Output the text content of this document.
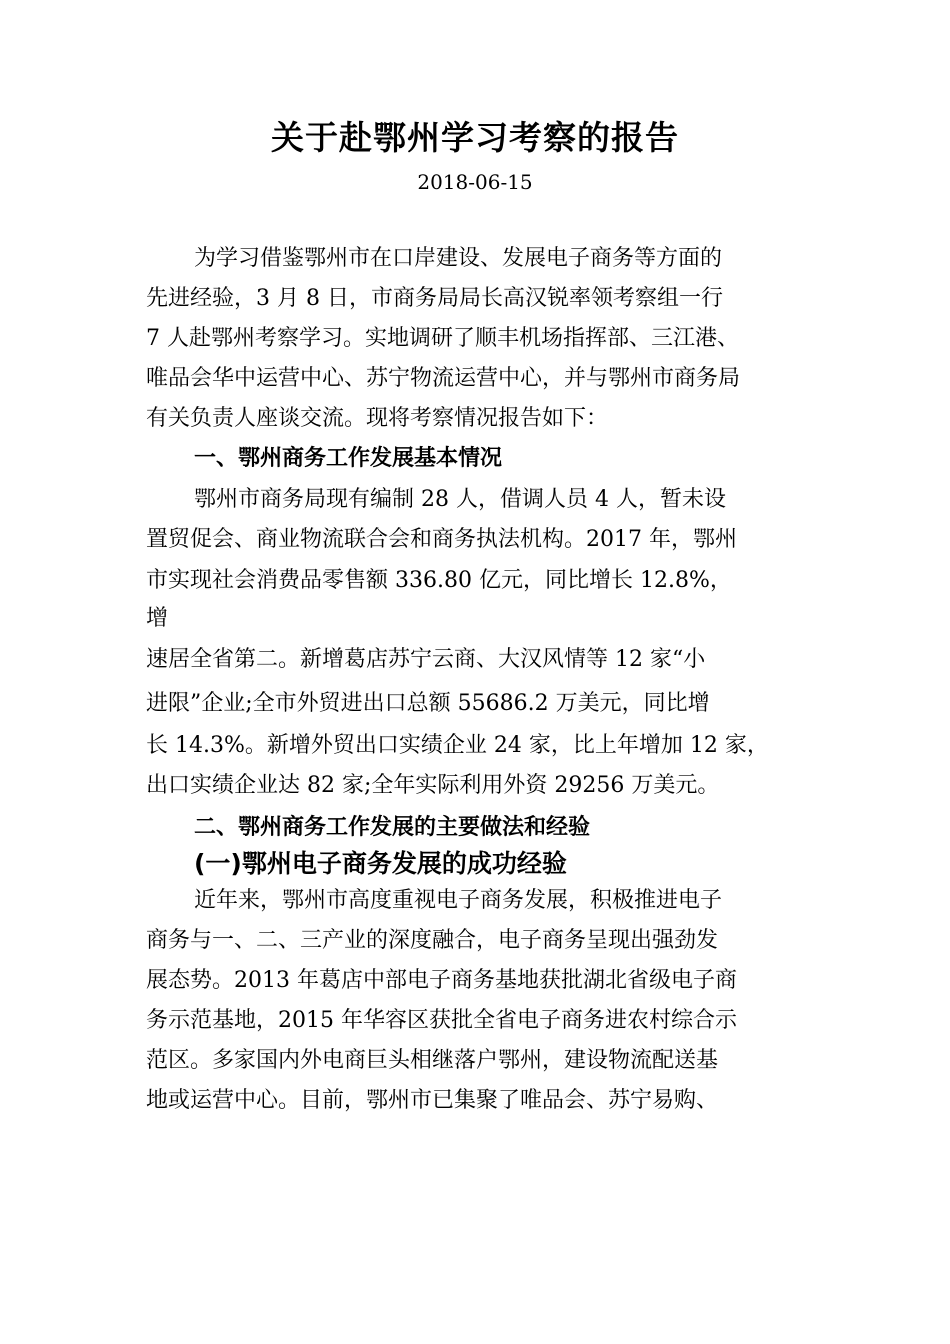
关于赴鄂州学习考察的报告
2018-06-15
为学习借鉴鄂州市在口岸建设、发展电子商务等方面的
先进经验，3 月 8 日，市商务局局长高汉锐率领考察组一行
7 人赴鄂州考察学习。实地调研了顺丰机场指挥部、三江港、
唯品会华中运营中心、苏宁物流运营中心，并与鄂州市商务局
有关负责人座谈交流。现将考察情况报告如下：
一、鄂州商务工作发展基本情况
鄂州市商务局现有编制 28 人，借调人员 4 人，暂未设
置贸促会、商业物流联合会和商务执法机构。2017 年，鄂州
市实现社会消费品零售额 336.80 亿元，同比增长 12.8%，
增
速居全省第二。新增葛店苏宁云商、大汉风情等 12 家“小
进限”企业;全市外贸进出口总额 55686.2 万美元，同比增
长 14.3%。新增外贸出口实绩企业 24 家，比上年增加 12 家，
出口实绩企业达 82 家;全年实际利用外资 29256 万美元。
二、鄂州商务工作发展的主要做法和经验
(一)鄂州电子商务发展的成功经验
近年来，鄂州市高度重视电子商务发展，积极推进电子
商务与一、二、三产业的深度融合，电子商务呈现出强劲发
展态势。2013 年葛店中部电子商务基地获批湖北省级电子商
务示范基地，2015 年华容区获批全省电子商务进农村综合示
范区。多家国内外电商巨头相继落户鄂州，建设物流配送基
地或运营中心。目前，鄂州市已集聚了唯品会、苏宁易购、
